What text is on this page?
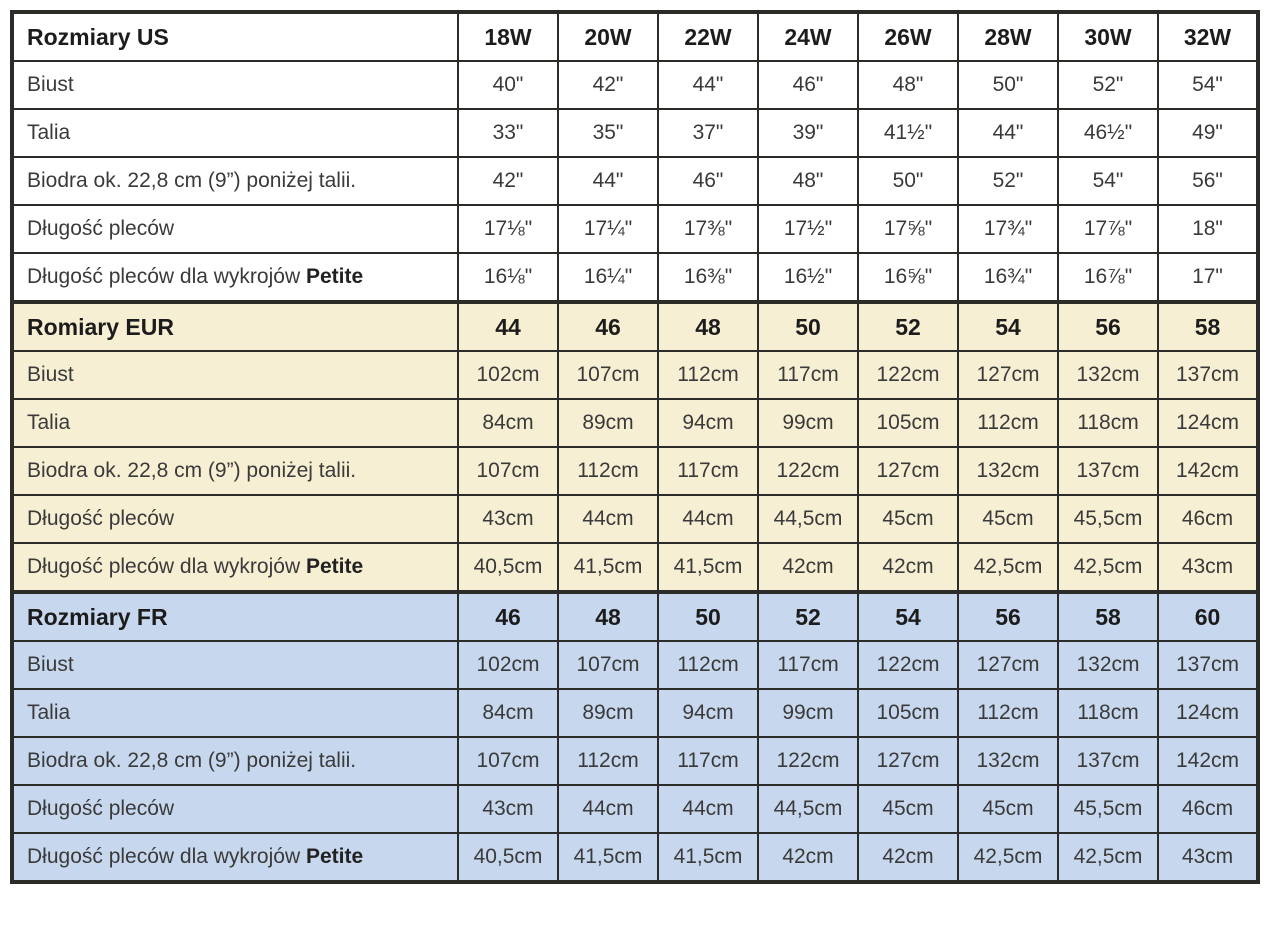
Rozmiary US	18W	20W	22W	24W	26W	28W	30W	32W
Biust	40"	42"	44"	46"	48"	50"	52"	54"
Talia	33"	35"	37"	39"	41½"	44"	46½"	49"
Biodra ok. 22,8 cm (9”) poniżej talii.	42"	44"	46"	48"	50"	52"	54"	56"
Długość pleców	17⅛"	17¼"	17⅜"	17½"	17⅝"	17¾"	17⅞"	18"
Długość pleców dla wykrojów Petite	16⅛"	16¼"	16⅜"	16½"	16⅝"	16¾"	16⅞"	17"
Romiary EUR	44	46	48	50	52	54	56	58
Biust	102cm	107cm	112cm	117cm	122cm	127cm	132cm	137cm
Talia	84cm	89cm	94cm	99cm	105cm	112cm	118cm	124cm
Biodra ok. 22,8 cm (9”) poniżej talii.	107cm	112cm	117cm	122cm	127cm	132cm	137cm	142cm
Długość pleców	43cm	44cm	44cm	44,5cm	45cm	45cm	45,5cm	46cm
Długość pleców dla wykrojów Petite	40,5cm	41,5cm	41,5cm	42cm	42cm	42,5cm	42,5cm	43cm
Rozmiary FR	46	48	50	52	54	56	58	60
Biust	102cm	107cm	112cm	117cm	122cm	127cm	132cm	137cm
Talia	84cm	89cm	94cm	99cm	105cm	112cm	118cm	124cm
Biodra ok. 22,8 cm (9”) poniżej talii.	107cm	112cm	117cm	122cm	127cm	132cm	137cm	142cm
Długość pleców	43cm	44cm	44cm	44,5cm	45cm	45cm	45,5cm	46cm
Długość pleców dla wykrojów Petite	40,5cm	41,5cm	41,5cm	42cm	42cm	42,5cm	42,5cm	43cm
